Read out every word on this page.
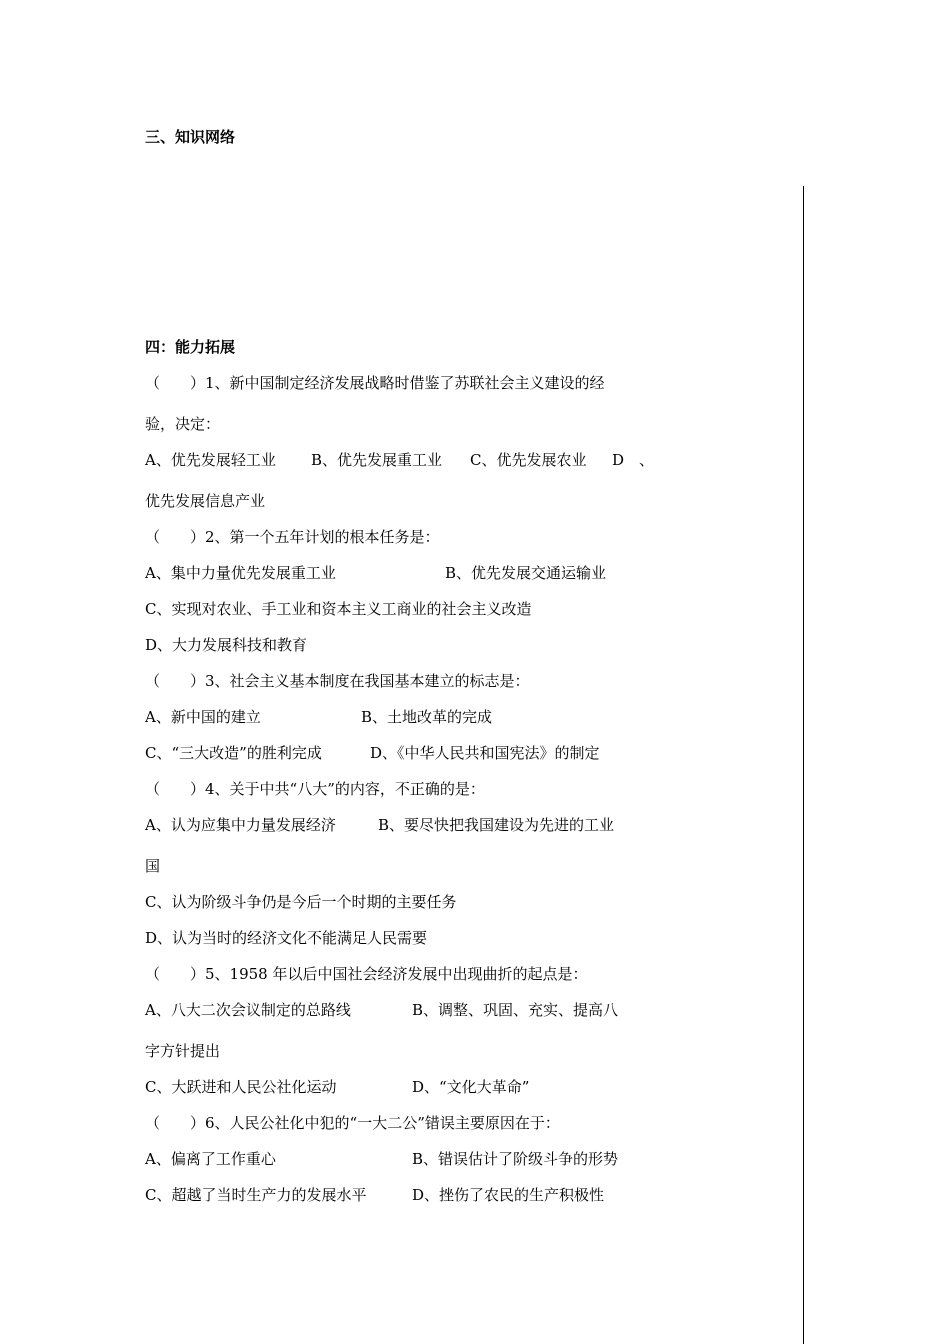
三、知识网络
四：能力拓展
（　　）1、新中国制定经济发展战略时借鉴了苏联社会主义建设的经
验，决定：
A、优先发展轻工业 B、优先发展重工业 C、优先发展农业 D　、
优先发展信息产业
（　　）2、第一个五年计划的根本任务是：
A、集中力量优先发展重工业	B、优先发展交通运输业
C、实现对农业、手工业和资本主义工商业的社会主义改造
D、大力发展科技和教育
（　　）3、社会主义基本制度在我国基本建立的标志是：
A、新中国的建立	B、土地改革的完成
C、“三大改造”的胜利完成	D、《中华人民共和国宪法》的制定
（　　）4、关于中共“八大”的内容，不正确的是：
A、认为应集中力量发展经济	B、要尽快把我国建设为先进的工业
国
C、认为阶级斗争仍是今后一个时期的主要任务
D、认为当时的经济文化不能满足人民需要
（　　）5、1958 年以后中国社会经济发展中出现曲折的起点是：
A、八大二次会议制定的总路线	B、调整、巩固、充实、提高八
字方针提出
C、大跃进和人民公社化运动	D、“文化大革命”
（　　）6、人民公社化中犯的“一大二公”错误主要原因在于：
A、偏离了工作重心	B、错误估计了阶级斗争的形势
C、超越了当时生产力的发展水平	D、挫伤了农民的生产积极性
